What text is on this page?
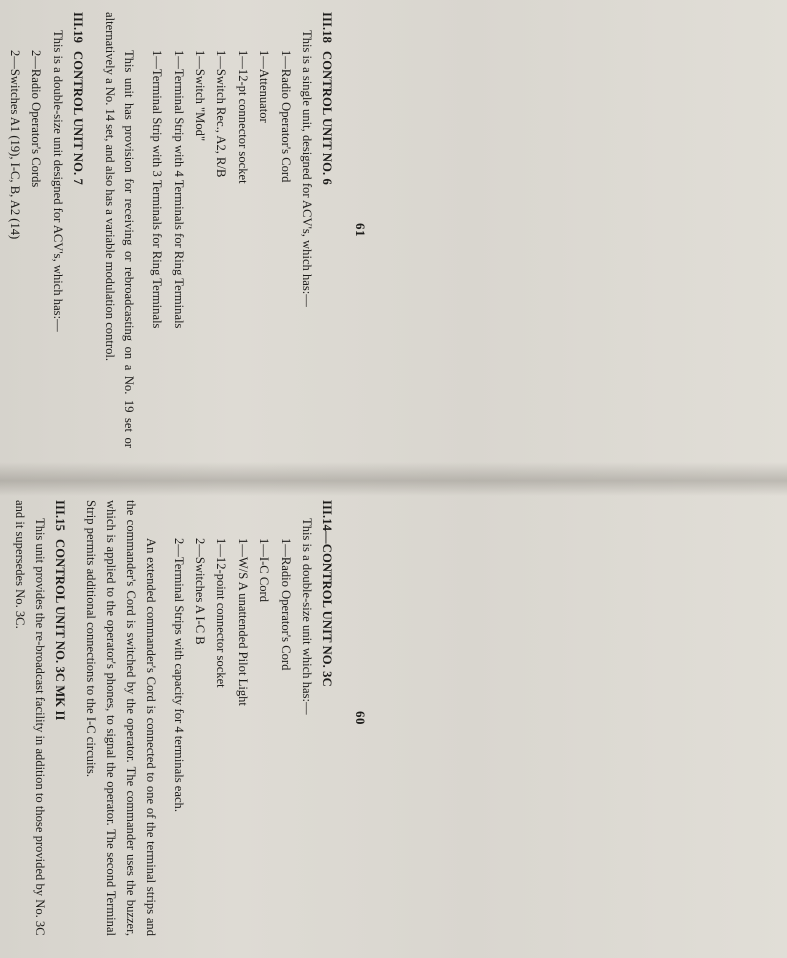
61
III.18CONTROL UNIT NO. 6
This is a single unit, designed for ACV's, which has:—
1—Radio Operator's Cord
1—Attenuator
1—12-pt connector socket
1—Switch Rec., A2, R/B
1—Switch "Mod"
1—Terminal Strip with 4 Terminals for Ring Terminals
1—Terminal Strip with 3 Terminals for Ring Terminals
This unit has provision for receiving or rebroadcasting on a No. 19 set or alternatively a No. 14 set, and also has a variable modulation control.
III.19CONTROL UNIT NO. 7
This is a double-size unit designed for ACV's, which has:—
2—Radio Operator's Cords
2—Switches A1 (19), I-C, B, A2 (14)
60
III.14—CONTROL UNIT NO. 3C
This is a double-size unit which has:—
1—Radio Operator's Cord
1—I-C Cord
1—W/S A unattended Pilot Light
1—12-point connector socket
2—Switches A I-C B
2—Terminal Strips with capacity for 4 terminals each.
An extended commander's Cord is connected to one of the terminal strips and the commander's Cord is switched by the operator. The commander uses the buzzer, which is applied to the operator's phones, to signal the operator. The second Terminal Strip permits additional connections to the I-C circuits.
III.15CONTROL UNIT NO. 3C MK II
This unit provides the re-broadcast facility in addition to those provided by No. 3C and it supersedes No. 3C.
